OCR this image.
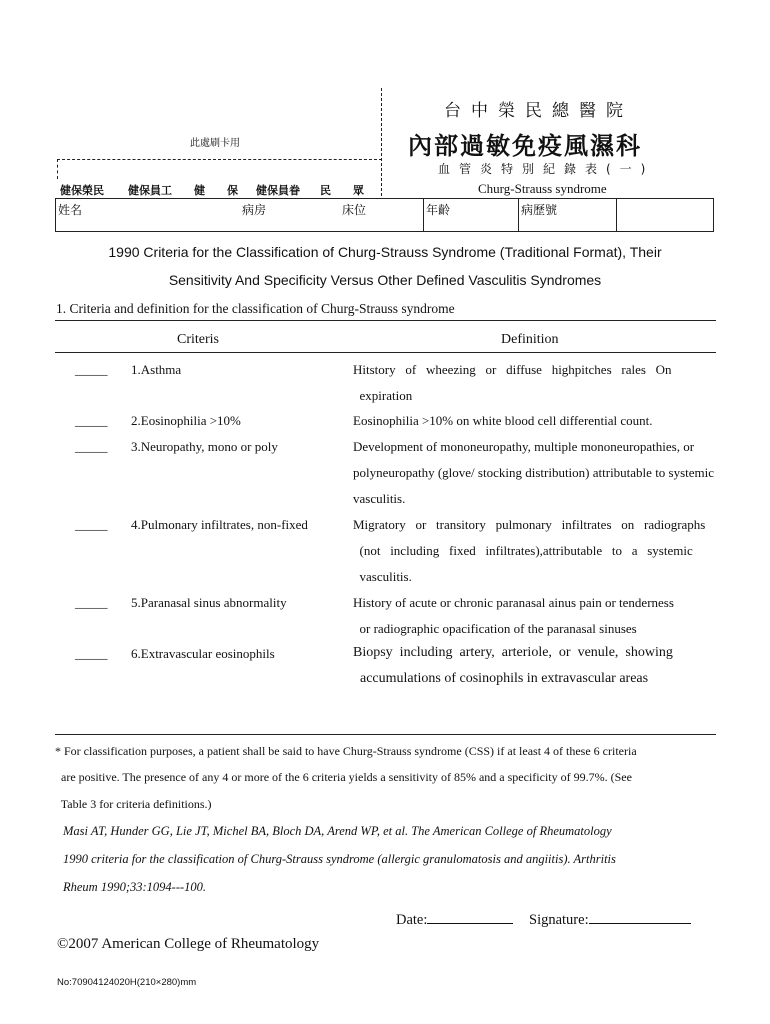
此處刷卡用
健保榮民 健保員工 健　　保 健保員眷 民　　眾
台中榮民總醫院
內部過敏免疫風濕科
血管炎特別紀錄表(一)
Churg-Strauss syndrome
姓名	病房	床位	年齡	病歷號
1990 Criteria for the Classification of Churg-Strauss Syndrome (Traditional Format), Their
Sensitivity And Specificity Versus Other Defined Vasculitis Syndromes
1. Criteria and definition for the classification of Churg-Strauss syndrome
Criteris	Definition
_____ 1.Asthma	Hitstory   of   wheezing   or   diffuse   highpitches   rales   On
expiration
_____ 2.Eosinophilia >10%	Eosinophilia >10% on white blood cell differential count.
_____ 3.Neuropathy, mono or poly	Development of mononeuropathy, multiple mononeuropathies, or
polyneuropathy (glove/ stocking distribution) attributable to systemic
vasculitis.
_____ 4.Pulmonary infiltrates, non-fixed	Migratory   or   transitory   pulmonary   infiltrates   on   radiographs
(not   including   fixed   infiltrates),attributable   to   a   systemic
vasculitis.
_____ 5.Paranasal sinus abnormality	History of acute or chronic paranasal ainus pain or tenderness
or radiographic opacification of the paranasal sinuses
_____ 6.Extravascular eosinophils	Biopsy  including  artery,  arteriole,  or  venule,  showing
accumulations of cosinophils in extravascular areas
* For classification purposes, a patient shall be said to have Churg-Strauss syndrome (CSS) if at least 4 of these 6 criteria
are positive. The presence of any 4 or more of the 6 criteria yields a sensitivity of 85% and a specificity of 99.7%. (See
Table 3 for criteria definitions.)
Masi AT, Hunder GG, Lie JT, Michel BA, Bloch DA, Arend WP, et al. The American College of Rheumatology
1990 criteria for the classification of Churg-Strauss syndrome (allergic granulomatosis and angiitis). Arthritis
Rheum 1990;33:1094---100.
Date:	Signature:
©2007 American College of Rheumatology
No:70904124020H(210×280)mm
